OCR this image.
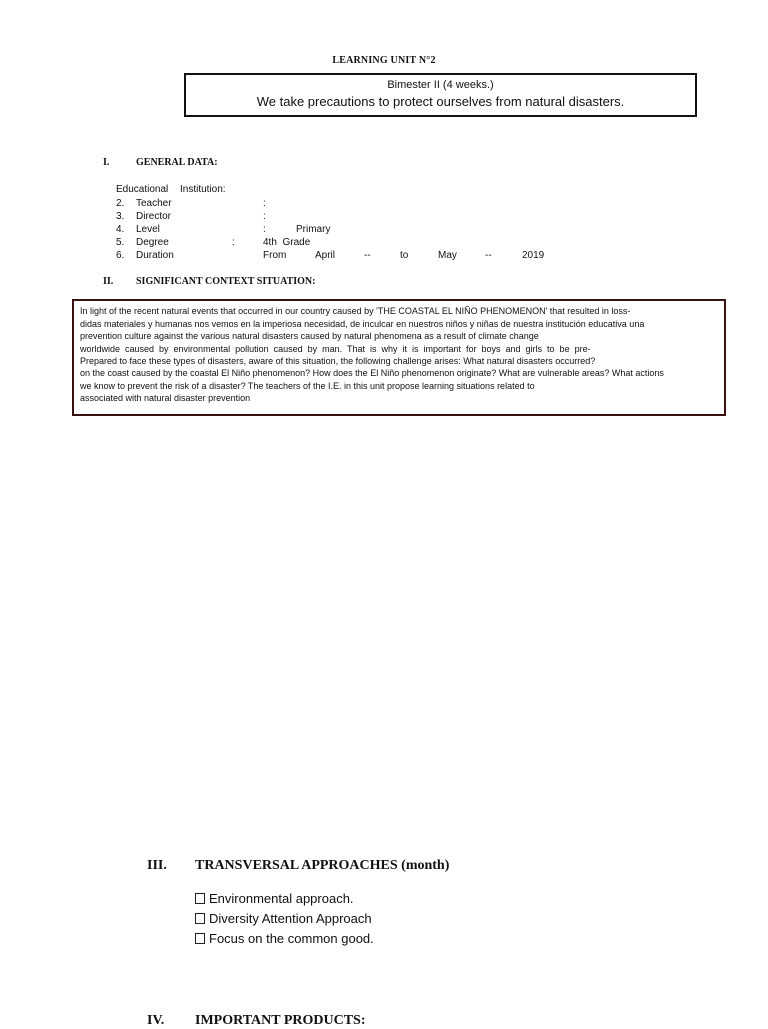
LEARNING UNIT N°2
Bimester II (4 weeks.)
We take precautions to protect ourselves from natural disasters.
I.	GENERAL DATA:
Educational Institution:
2. Teacher	:
3. Director	:
4. Level	:	Primary
5. Degree	:	4th  Grade
6. Duration	From	April	--	to	May	--	2019
II. SIGNIFICANT CONTEXT SITUATION:
In light of the recent natural events that occurred in our country caused by 'THE COASTAL EL NIÑO PHENOMENON' that resulted in loss-
didas materiales y humanas nos vemos en la imperiosa necesidad, de inculcar en nuestros niños y niñas de nuestra institución educativa una
prevention culture against the various natural disasters caused by natural phenomena as a result of climate change
worldwide  caused  by  environmental  pollution  caused  by  man.  That  is  why  it  is  important  for  boys  and  girls  to  be  pre-
Prepared to face these types of disasters, aware of this situation, the following challenge arises: What natural disasters occurred?
on the coast caused by the coastal El Niño phenomenon? How does the El Niño phenomenon originate? What are vulnerable areas? What actions
we know to prevent the risk of a disaster? The teachers of the I.E. in this unit propose learning situations related to
associated with natural disaster prevention
III. TRANSVERSAL APPROACHES (month)
Environmental approach.
Diversity Attention Approach
Focus on the common good.
IV. IMPORTANT PRODUCTS:
